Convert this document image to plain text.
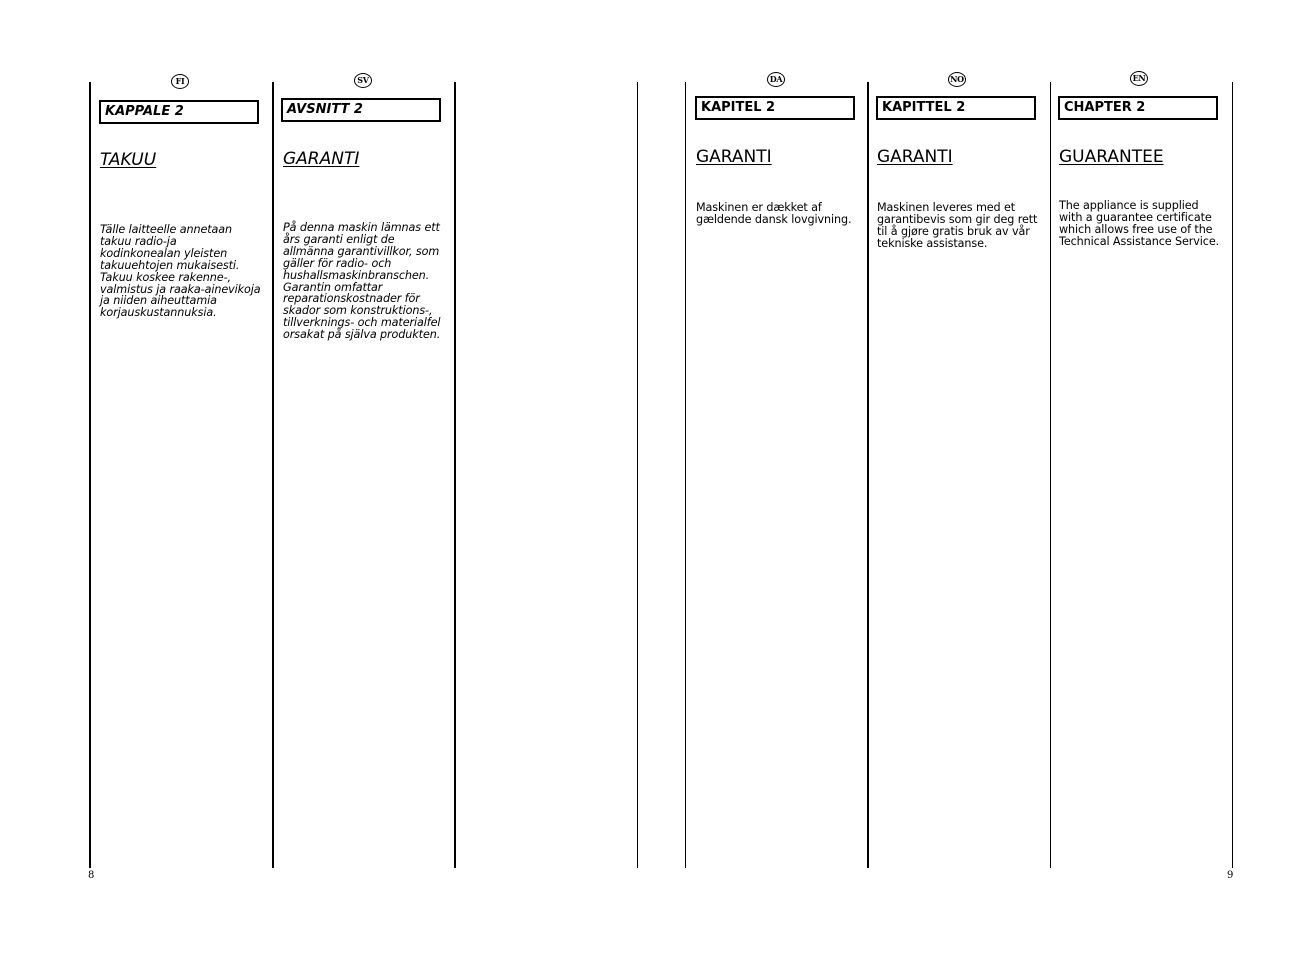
FI
KAPPALE 2
TAKUU
Tälle laitteelle annetaan
takuu radio-ja
kodinkonealan yleisten
takuuehtojen mukaisesti.
Takuu koskee rakenne-,
valmistus ja raaka-ainevikoja
ja niiden aiheuttamia
korjauskustannuksia.
SV
AVSNITT 2
GARANTI
På denna maskin lämnas ett
års garanti enligt de
allmänna garantivillkor, som
gäller för radio- och
hushallsmaskinbranschen.
Garantin omfattar
reparationskostnader för
skador som konstruktions-,
tillverknings- och materialfel
orsakat på själva produkten.
8
DA
KAPITEL 2
GARANTI
Maskinen er dækket af
gældende dansk lovgivning.
NO
KAPITTEL 2
GARANTI
Maskinen leveres med et
garantibevis som gir deg rett
til å gjøre gratis bruk av vår
tekniske assistanse.
EN
CHAPTER 2
GUARANTEE
The appliance is supplied
with a guarantee certificate
which allows free use of the
Technical Assistance Service.
9
